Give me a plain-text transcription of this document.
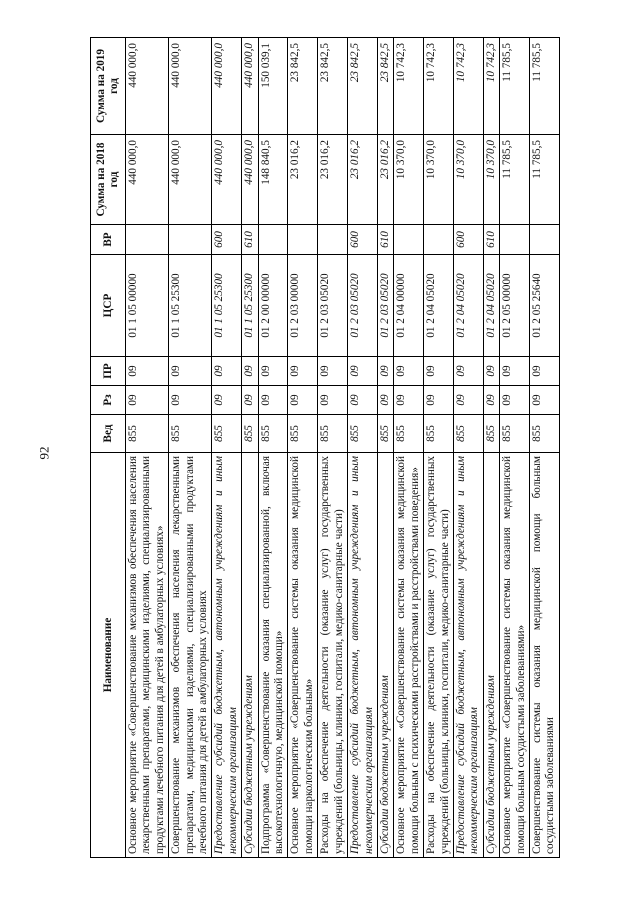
92
Наименование	Вед	Рз	ПР	ЦСР	ВР	Сумма на 2018 год	Сумма на 2019 год
Основное мероприятие «Совершенствование механизмов обеспечения населения лекарственными препаратами, медицинскими изделиями, специализированными продуктами лечебного питания для детей в амбулаторных условиях»	855	09	09	01 1 05 00000		440 000,0	440 000,0
Совершенствование механизмов обеспечения населения лекарственными препаратами, медицинскими изделиями, специализированными продуктами лечебного питания для детей в амбулаторных условиях	855	09	09	01 1 05 25300		440 000,0	440 000,0
Предоставление субсидий бюджетным, автономным учреждениям и иным некоммерческим организациям	855	09	09	01 1 05 25300	600	440 000,0	440 000,0
Субсидии бюджетным учреждениям	855	09	09	01 1 05 25300	610	440 000,0	440 000,0
Подпрограмма «Совершенствование оказания специализированной, включая высокотехнологичную, медицинской помощи»	855	09	09	01 2 00 00000		148 840,5	150 039,1
Основное мероприятие «Совершенствование системы оказания медицинской помощи наркологическим больным»	855	09	09	01 2 03 00000		23 016,2	23 842,5
Расходы на обеспечение деятельности (оказание услуг) государственных учреждений (больницы, клиники, госпитали, медико-санитарные части)	855	09	09	01 2 03 05020		23 016,2	23 842,5
Предоставление субсидий бюджетным, автономным учреждениям и иным некоммерческим организациям	855	09	09	01 2 03 05020	600	23 016,2	23 842,5
Субсидии бюджетным учреждениям	855	09	09	01 2 03 05020	610	23 016,2	23 842,5
Основное мероприятие «Совершенствование системы оказания медицинской помощи больным с психическими расстройствами и расстройствами поведения»	855	09	09	01 2 04 00000		10 370,0	10 742,3
Расходы на обеспечение деятельности (оказание услуг) государственных учреждений (больницы, клиники, госпитали, медико-санитарные части)	855	09	09	01 2 04 05020		10 370,0	10 742,3
Предоставление субсидий бюджетным, автономным учреждениям и иным некоммерческим организациям	855	09	09	01 2 04 05020	600	10 370,0	10 742,3
Субсидии бюджетным учреждениям	855	09	09	01 2 04 05020	610	10 370,0	10 742,3
Основное мероприятие «Совершенствование системы оказания медицинской помощи больным сосудистыми заболеваниями»	855	09	09	01 2 05 00000		11 785,5	11 785,5
Совершенствование системы оказания медицинской помощи больным сосудистыми заболеваниями	855	09	09	01 2 05 25640		11 785,5	11 785,5
